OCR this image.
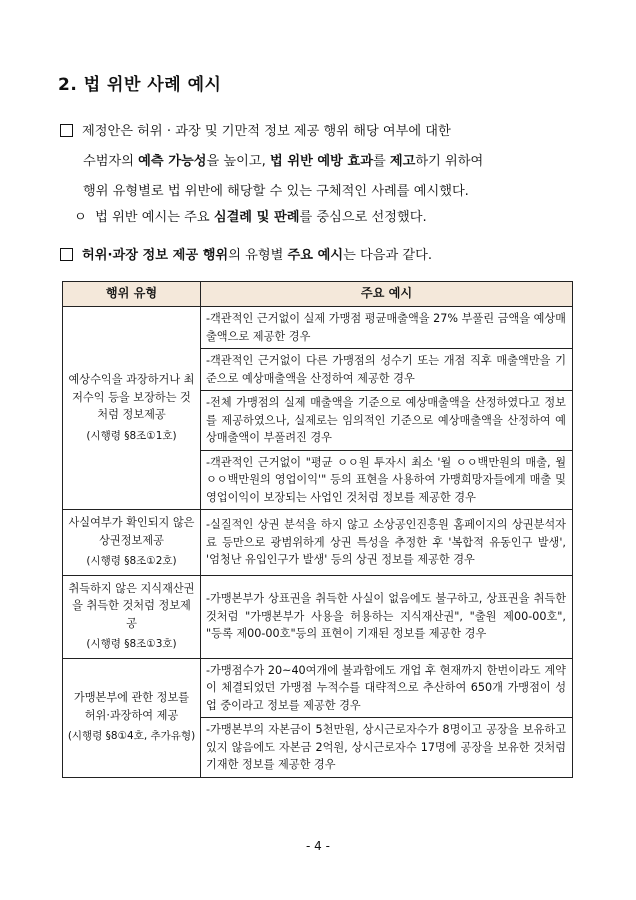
2. 법 위반 사례 예시
제정안은 허위 · 과장 및 기만적 정보 제공 행위 해당 여부에 대한
수범자의 예측 가능성을 높이고, 법 위반 예방 효과를 제고하기 위하여
행위 유형별로 법 위반에 해당할 수 있는 구체적인 사례를 예시했다.
ㅇ 법 위반 예시는 주요 심결례 및 판례를 중심으로 선정했다.
허위·과장 정보 제공 행위의 유형별 주요 예시는 다음과 같다.
행위 유형	주요 예시
예상수익을 과장하거나 최저수익 등을 보장하는 것처럼 정보제공
(시행령 §8조①1호)	-객관적인 근거없이 실제 가맹점 평균매출액을 27% 부풀린 금액을 예상매출액으로 제공한 경우
	-객관적인 근거없이 다른 가맹점의 성수기 또는 개점 직후 매출액만을 기준으로 예상매출액을 산정하여 제공한 경우
	-전체 가맹점의 실제 매출액을 기준으로 예상매출액을 산정하였다고 정보를 제공하였으나, 실제로는 임의적인 기준으로 예상매출액을 산정하여 예상매출액이 부풀려진 경우
	-객관적인 근거없이 "평균 ㅇㅇ원 투자시 최소 '월 ㅇㅇ백만원의 매출, 월 ㅇㅇ백만원의 영업이익'" 등의 표현을 사용하여 가맹희망자들에게 매출 및 영업이익이 보장되는 사업인 것처럼 정보를 제공한 경우
사실여부가 확인되지 않은 상권정보제공
(시행령 §8조①2호)	-실질적인 상권 분석을 하지 않고 소상공인진흥원 홈페이지의 상권분석자료 등만으로 광범위하게 상권 특성을 추정한 후 '복합적 유동인구 발생', '엄청난 유입인구가 발생' 등의 상권 정보를 제공한 경우
취득하지 않은 지식재산권을 취득한 것처럼 정보제공
(시행령 §8조①3호)	-가맹본부가 상표권을 취득한 사실이 없음에도 불구하고, 상표권을 취득한 것처럼 "가맹본부가 사용을 허용하는 지식재산권", "출원 제00-00호", "등록 제00-00호"등의 표현이 기재된 정보를 제공한 경우
가맹본부에 관한 정보를 허위·과장하여 제공
(시행령 §8①4호, 추가유형)	-가맹점수가 20~40여개에 불과함에도 개업 후 현재까지 한번이라도 계약이 체결되었던 가맹점 누적수를 대략적으로 추산하여 650개 가맹점이 성업 중이라고 정보를 제공한 경우
	-가맹본부의 자본금이 5천만원, 상시근로자수가 8명이고 공장을 보유하고 있지 않음에도 자본금 2억원, 상시근로자수 17명에 공장을 보유한 것처럼 기재한 정보를 제공한 경우
- 4 -
